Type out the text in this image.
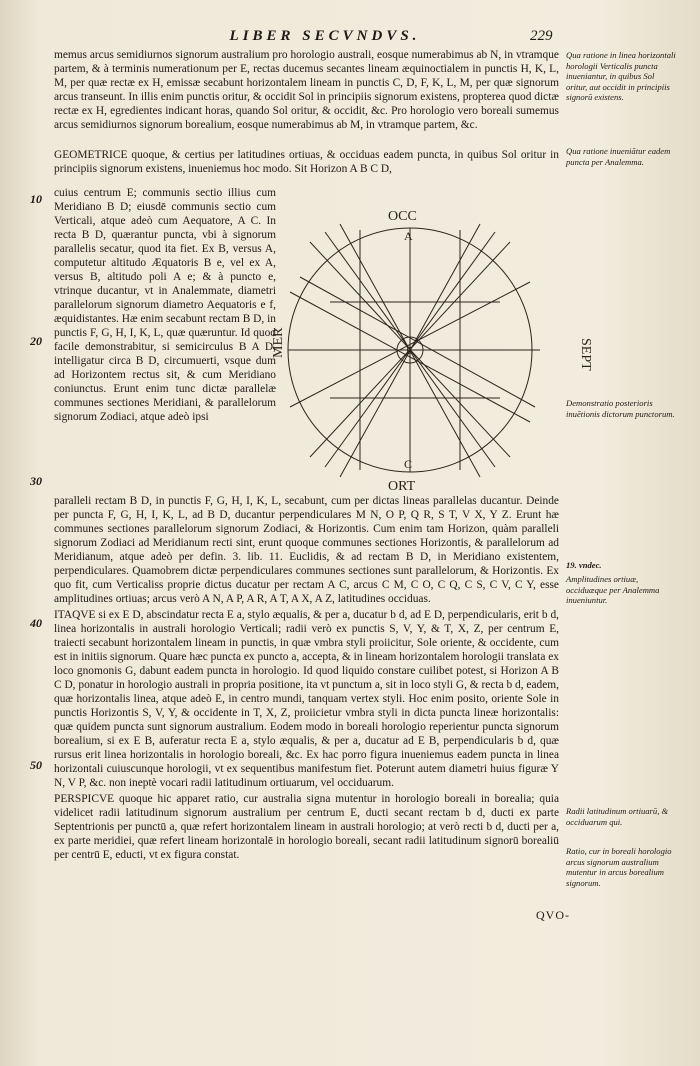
LIBER SECVNDVS.	229

memus arcus semidiurnos signorum australium pro horologio australi, eosque numerabimus ab N, in vtramque partem, & à terminis numerationum per E, rectas ducemus secantes lineam æquinoctialem in punctis H, K, L, M, per quæ rectæ ex H, emissæ secabunt horizontalem lineam in punctis C, D, F, K, L, M, per quæ signorum arcus transeunt. In illis enim punctis oritur, & occidit Sol in principiis signorum existens, propterea quod dictæ rectæ ex H, egredientes indicant horas, quando Sol oritur, & occidit, &c. Pro horologio vero boreali sumemus arcus semidiurnos signorum borealium, eosque numerabimus ab M, in vtramque partem, &c.

GEOMETRICE quoque, & certius per latitudines ortiuas, & occiduas eadem puncta, in quibus Sol oritur in principiis signorum existens, inueniemus hoc modo. Sit Horizon A B C D,

cuius centrum E; communis sectio illius cum Meridiano B D; eiusdē communis sectio cum Verticali, atque adeò cum Aequatore, A C. In recta B D, quærantur puncta, vbi à signorum parallelis secatur, quod ita fiet. Ex B, versus A, computetur altitudo Æquatoris B e, vel ex A, versus B, altitudo poli A e; & à puncto e, vtrinque ducantur, vt in Analemmate, diametri parallelorum signorum diametro Aequatoris e f, æquidistantes. Hæ enim secabunt rectam B D, in punctis F, G, H, I, K, L, quæ quæruntur. Id quod facile demonstrabitur, si semicirculus B A D, intelligatur circa B D, circumuerti, vsque dum ad Horizontem rectus sit, & cum Meridiano coniunctus. Erunt enim tunc dictæ parallelæ communes sectiones Meridiani, & parallelorum signorum Zodiaci, atque adeò ipsi

paralleli rectam B D, in punctis F, G, H, I, K, L, secabunt, cum per dictas lineas parallelas ducantur. Deinde per puncta F, G, H, I, K, L, ad B D, ducantur perpendiculares M N, O P, Q R, S T, V X, Y Z. Erunt hæ communes sectiones parallelorum signorum Zodiaci, & Horizontis. Cum enim tam Horizon, quàm paralleli signorum Zodiaci ad Meridianum recti sint, erunt quoque communes sectiones Horizontis, & parallelorum ad Meridianum, atque adeò per defin. 3. lib. 11. Euclidis, & ad rectam B D, in Meridiano existentem, perpendiculares. Quamobrem dictæ perpendiculares communes sectiones sunt parallelorum, & Horizontis. Ex quo fit, cum Verticaliss proprie dictus ducatur per rectam A C, arcus C M, C O, C Q, C S, C V, C Y, esse amplitudines ortiuas; arcus verò A N, A P, A R, A T, A X, A Z, latitudines occiduas.

ITAQVE si ex E D, abscindatur recta E a, stylo æqualis, & per a, ducatur b d, ad E D, perpendicularis, erit b d, linea horizontalis in australi horologio Verticali; radii verò ex punctis S, V, Y, & T, X, Z, per centrum E, traiecti secabunt horizontalem lineam in punctis, in quæ vmbra styli proiicitur, Sole oriente, & occidente, cum est in initiis signorum. Quare hæc puncta ex puncto a, accepta, & in lineam horizontalem horologii translata ex loco gnomonis G, dabunt eadem puncta in horologio. Id quod liquido constare cuilibet potest, si Horizon A B C D, ponatur in horologio australi in propria positione, ita vt punctum a, sit in loco styli G, & recta b d, eadem, quæ horizontalis linea, atque adeò E, in centro mundi, tanquam vertex styli. Hoc enim posito, oriente Sole in punctis Horizontis S, V, Y, & occidente in T, X, Z, proiicietur vmbra styli in dicta puncta lineæ horizontalis: quæ quidem puncta sunt signorum australium. Eodem modo in boreali horologio reperientur puncta signorum borealium, si ex E B, auferatur recta E a, stylo æqualis, & per a, ducatur ad E B, perpendicularis b d, quæ rursus erit linea horizontalis in horologio boreali, &c. Ex hac porro figura inueniemus eadem puncta in linea horizontali cuiuscunque horologii, vt ex sequentibus manifestum fiet. Poterunt autem diametri huius figuræ Y N, V P, &c. non ineptè vocari radii latitudinum ortiuarum, vel occiduarum.

PERSPICVE quoque hic apparet ratio, cur australia signa mutentur in horologio boreali in borealia; quia videlicet radii latitudinum signorum australium per centrum E, ducti secant rectam b d, ducti ex parte Septentrionis per punctū a, quæ refert horizontalem lineam in australi horologio; at verò recti b d, ducti per a, ex parte meridiei, quæ refert lineam horizontalē in horologio boreali, secant radii latitudinum signorū borealiū per centrū E, educti, vt ex figura constat.

10
20
30
40
50
Qua ratione in linea horizontali horologii Verticalis puncta inueniantur, in quibus Sol oritur, aut occidit in principiis signorū existens.
Qua ratione inueniātur eadem puncta per Analemma.
Demonstratio posterioris inuētionis dictorum punctorum.
19. vndec.
Amplitudines ortiuæ, occiduæque per Analemma inueniuntur.
Radii latitudinum ortiuarū, & occiduarum qui.
Ratio, cur in boreali horologio arcus signorum australium mutentur in arcus borealium signorum.
OCC
ORT
MER	SEPT
A
C
E
QVO-
